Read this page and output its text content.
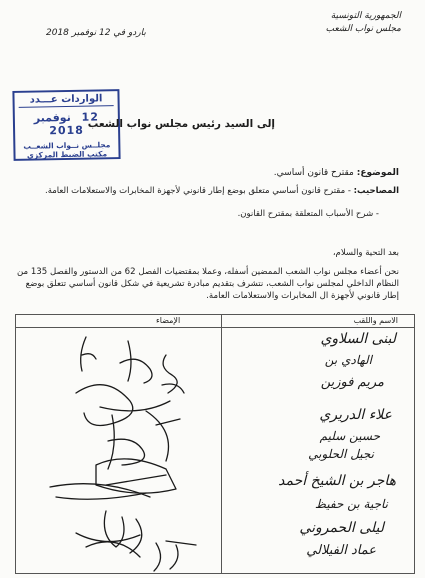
الجمهورية التونسية
مجلس نواب الشعب
باردو في 12 نوفمبر 2018
الواردات عـــدد
12 نوفمبر 2018
مجلــس نــواب الشعــب
مكتب الضبط المركزي
إلى السيد رئيس مجلس نواب الشعب
الموضوع: مقترح قانون أساسي.
المصاحيب: - مقترح قانون أساسي متعلق بوضع إطار قانوني لأجهزة المخابرات والاستعلامات العامة.
- شرح الأسباب المتعلقة بمقترح القانون.
بعد التحية والسلام،
نحن أعضاء مجلس نواب الشعب الممضين أسفله، وعملا بمقتضيات الفصل 62 من الدستور والفصل 135 من النظام الداخلي لمجلس نواب الشعب، نتشرف بتقديم مبادرة تشريعية في شكل قانون أساسي تتعلق بوضع إطار قانوني لأجهزة ال المخابرات والاستعلامات العامة.
الاسم واللقب
الإمضاء
لبنى السلاوي
الهادي بن
مريم فوزين
علاء الدريري
حسين سليم
نجيل الحلوبي
هاجر بن الشيخ أحمد
ناجية بن حفيظ
ليلى الحمروني
عماد الفيلالي
